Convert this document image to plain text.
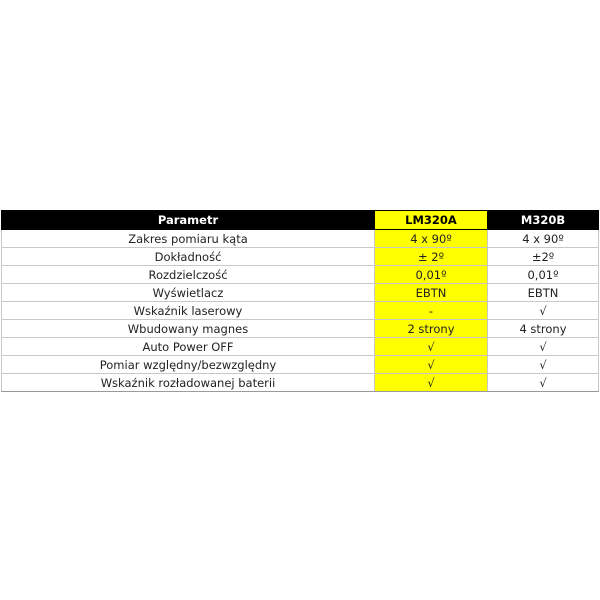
Parametr	LM320A	M320B
Zakres pomiaru kąta	4 x 90º	4 x 90º
Dokładność	± 2º	±2º
Rozdzielczość	0,01º	0,01º
Wyświetlacz	EBTN	EBTN
Wskaźnik laserowy	-	√
Wbudowany magnes	2 strony	4 strony
Auto Power OFF	√	√
Pomiar względny/bezwzględny	√	√
Wskaźnik rozładowanej baterii	√	√
